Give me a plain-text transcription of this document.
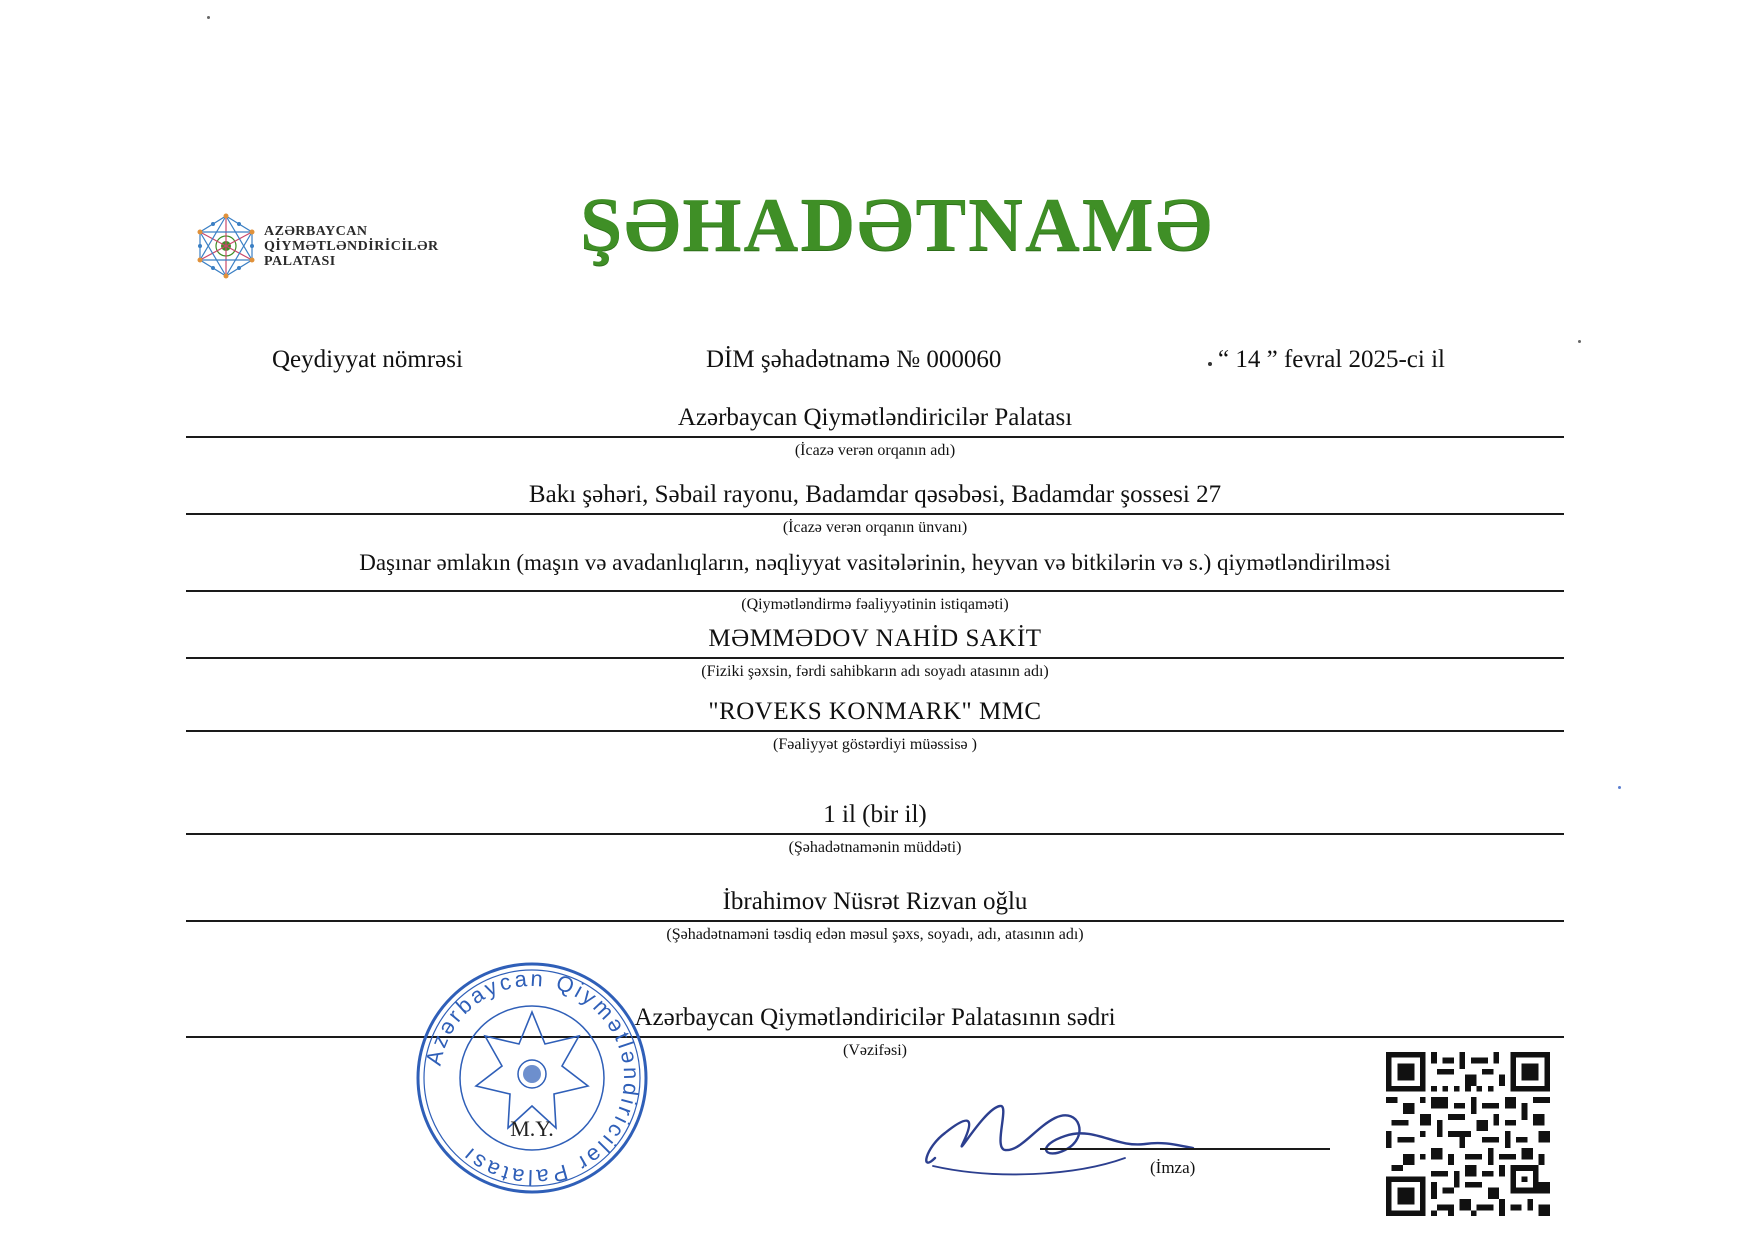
AZƏRBAYCAN
QİYMƏTLƏNDİRİCİLƏR
PALATASI	ŞƏHADƏTNAMƏ
Qeydiyyat nömrəsi	DİM şəhadətnamə № 000060	“ 14 ” fevral 2025-ci il
Azərbaycan Qiymətləndiricilər Palatası
(İcazə verən orqanın adı)
Bakı şəhəri, Səbail rayonu, Badamdar qəsəbəsi, Badamdar şossesi 27
(İcazə verən orqanın ünvanı)
Daşınar əmlakın (maşın və avadanlıqların, nəqliyyat vasitələrinin, heyvan və bitkilərin və s.) qiymətləndirilməsi
(Qiymətləndirmə fəaliyyətinin istiqaməti)
MƏMMƏDOV NAHİD SAKİT
(Fiziki şəxsin, fərdi sahibkarın adı soyadı atasının adı)
"ROVEKS KONMARK" MMC
(Fəaliyyət göstərdiyi müəssisə )
1 il (bir il)
(Şəhadətnamənin müddəti)
İbrahimov Nüsrət Rizvan oğlu
(Şəhadətnaməni təsdiq edən məsul şəxs, soyadı, adı, atasının adı)
Azərbaycan Qiymətləndiricilər Palatasının sədri
(Vəzifəsi)
Azərbaycan Qiymətləndiricilər Palatası
M.Y.
(İmza)
